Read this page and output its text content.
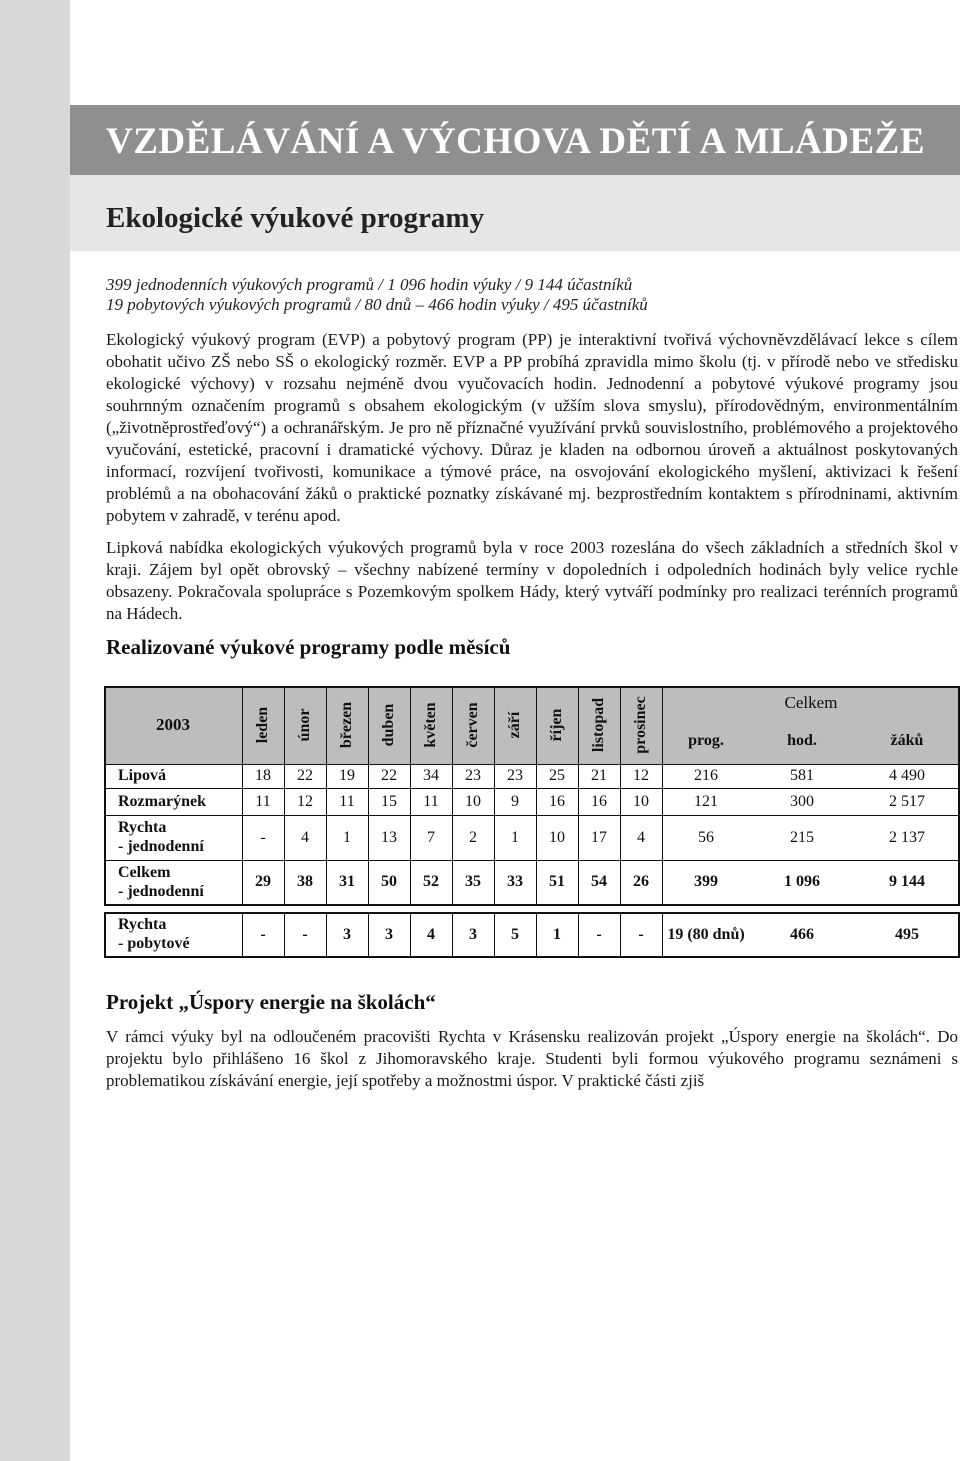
VZDĚLÁVÁNÍ A VÝCHOVA DĚTÍ A MLÁDEŽE
Ekologické výukové programy
399 jednodenních výukových programů / 1 096 hodin výuky / 9 144 účastníků
19 pobytových výukových programů / 80 dnů – 466 hodin výuky / 495 účastníků
Ekologický výukový program (EVP) a pobytový program (PP) je interaktivní tvořivá výchovněvzdělávací lekce s cílem obohatit učivo ZŠ nebo SŠ o ekologický rozměr. EVP a PP probíhá zpravidla mimo školu (tj. v přírodě nebo ve středisku ekologické výchovy) v rozsahu nejméně dvou vyučovacích hodin. Jednodenní a pobytové výukové programy jsou souhrnným označením programů s obsahem ekologickým (v užším slova smyslu), přírodovědným, environmentálním („životněprostřeďový“) a ochranářským. Je pro ně příznačné využívání prvků souvislostního, problémového a projektového vyučování, estetické, pracovní i dramatické výchovy. Důraz je kladen na odbornou úroveň a aktuálnost poskytovaných informací, rozvíjení tvořivosti, komunikace a týmové práce, na osvojování ekologického myšlení, aktivizaci k řešení problémů a na obohacování žáků o praktické poznatky získávané mj. bezprostředním kontaktem s přírodninami, aktivním pobytem v zahradě, v terénu apod.
Lipková nabídka ekologických výukových programů byla v roce 2003 rozeslána do všech základních a středních škol v kraji. Zájem byl opět obrovský – všechny nabízené termíny v dopoledních i odpoledních hodinách byly velice rychle obsazeny. Pokračovala spolupráce s Pozemkovým spolkem Hády, který vytváří podmínky pro realizaci terénních programů na Hádech.
Realizované výukové programy podle měsíců
2003	leden únor březen duben květen červen září říjen listopad prosinec	Celkem
prog.	hod.	žáků
Lipová	18	22	19	22	34	23	23	25	21	12	216	581	4 490
Rozmarýnek	11	12	11	15	11	10	9	16	16	10	121	300	2 517
Rychta
- jednodenní
-	4	1	13	7	2	1	10	17	4	56	215	2 137
Celkem
- jednodenní
29	38	31	50	52	35	33	51	54	26	399	1 096	9 144
Rychta
- pobytové
-	-	3	3	4	3	5	1	-	-	19 (80 dnů)	466	495
Projekt „Úspory energie na školách“
V rámci výuky byl na odloučeném pracovišti Rychta v Krásensku realizován projekt „Úspory energie na školách“. Do projektu bylo přihlášeno 16 škol z Jihomoravského kraje. Studenti byli formou výukového programu seznámeni s problematikou získávání energie, její spotřeby a možnostmi úspor. V praktické části zjiš
